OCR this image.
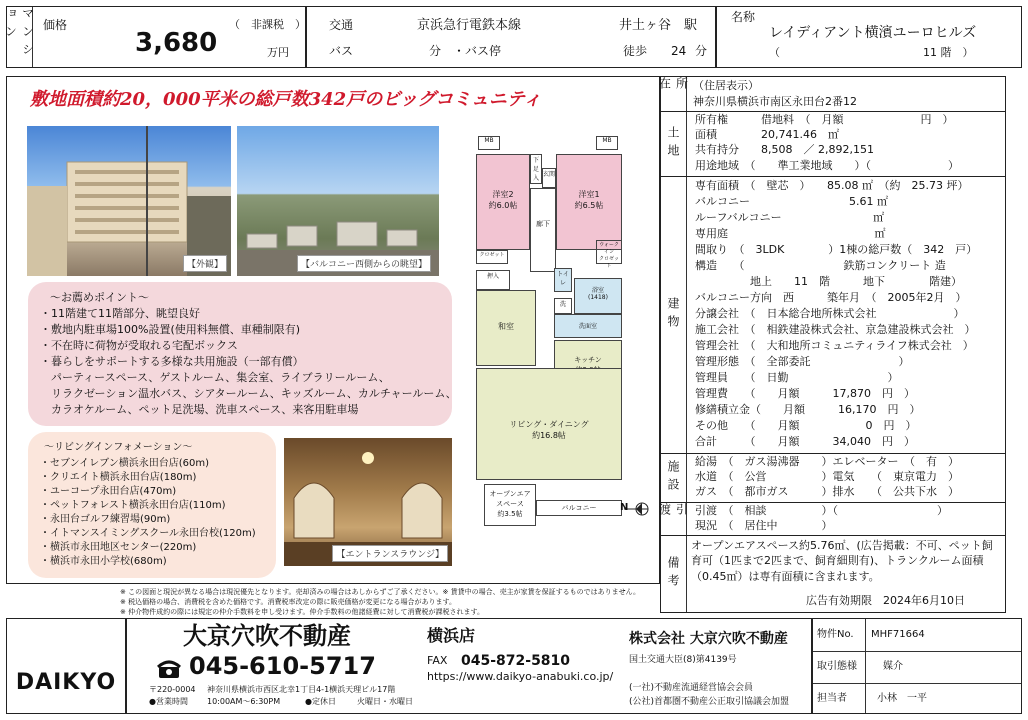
マンション	価格
3,680
（　非課税　）
万円
交通	京浜急行電鉄本線	井土ヶ谷　駅
バス	分　・バス停	徒歩 24 分
名称
レイディアント横濱ユーロヒルズ
（　　　　　　　　　　　　　11 階　）
敷地面積約20，000平米の総戸数342戸のビッグコミュニティ
【外観】	【バルコニー西側からの眺望】
〜お薦めポイント〜
・11階建て11階部分、眺望良好
・敷地内駐車場100%設置(使用料無償、車種制限有)
・不在時に荷物が受取れる宅配ボックス
・暮らしをサポートする多様な共用施設（一部有償）
　パーティースペース、ゲストルーム、集会室、ライブラリールーム、
　リラクゼーション温水バス、シアタールーム、キッズルーム、カルチャールーム、
　カラオケルーム、ペット足洗場、洗車スペース、来客用駐車場
〜リビングインフォメーション〜
・セブンイレブン横浜永田台店(60m)
・クリエイト横浜永田台店(180m)
・ユーコープ永田台店(470m)
・ペットフォレスト横浜永田台店(110m)
・永田台ゴルフ練習場(90m)
・イトマンスイミングスクール永田台校(120m)
・横浜市永田地区センター(220m)
・横浜市永田小学校(680m)
【エントランスラウンジ】
MB	MB
洋室2
約6.0帖
洋室1
約6.5帖
下足入
玄関
廊下
ウォークイン
クロゼット
クロゼット
押入
和室
トイレ
浴室
(1418)
洗
洗面室
キッチン

リビング・ダイニング
約16.8帖
オープンエア
スペース
約3.5帖
バルコニー	N
所在	（住居表示）
神奈川県横浜市南区永田台2番12
土地
所有権　　　借地料　（　月額　　　　　　　円　）
面積　　　　20,741.46　㎡
共有持分　　8,508　／ 2,892,151
用途地域　（　　準工業地域　　）（　　　　　　　）
建物
専有面積　（　壁芯　）　　85.08 ㎡　（約　25.73 坪）
バルコニー　　　　　　　　　5.61 ㎡
ルーフバルコニー　　　　　　　　 ㎡
専用庭　　　　　　　　　　　　　 ㎡
間取り　（　3LDK　　　　）1棟の総戸数（　342　戸）
構造　　（　　　　　　　　　鉄筋コンクリート 造
　　　　　地上　　11　階　　　地下　　　　階建）
バルコニー方向　西　　　築年月　（　2005年2月　）
分譲会社　（　日本総合地所株式会社　　　　　　　）
施工会社　（　相鉄建設株式会社、京急建設株式会社　）
管理会社　（　大和地所コミュニティライフ株式会社　）
管理形態　（　全部委託　　　　　　　　）
管理員　　（　日勤　　　　　　　　　）
管理費　　（　　月額　　　17,870　円　）
修繕積立金（　　月額　　　16,170　円　）
その他　　（　　月額　　　　　　0　円　）
合計　　　（　　月額　　　34,040　円　）
施設	給湯　（　ガス湯沸器　　）エレベーター　（　有　）
水道　（　公営　　　　　）電気　　（　東京電力　）
ガス　（　都市ガス　　　）排水　　（　公共下水　）
引渡	引渡　（　相談　　　　　）（　　　　　　　　　）
現況　（　居住中　　　　）
備考
オープンエアスペース約5.76㎡、(広告掲載：不可、ペット飼育可（1匹まで2匹まで、飼育細則有)、トランクルーム面積（0.45㎡）は専有面積に含まれます。
広告有効期限　2024年6月10日
※ この図面と現況が異なる場合は現況優先となります。売却済みの場合はあしからずご了承ください。※ 賃貸中の場合、売主が家賃を保証するものではありません。
※ 税込価格の場合、消費税を含めた価格です。消費税率改定の際に販売価格が変更になる場合があります。
※ 仲介物件成約の際には規定の仲介手数料を申し受けます。仲介手数料の他諸経費に対して消費税が課税されます。
DAIKYO
大京穴吹不動産	横浜店
045-610-5717	FAX 045-872-5810
https://www.daikyo-anabuki.co.jp/
株式会社 大京穴吹不動産
国土交通大臣(8)第4139号
(一社)不動産流通経営協会会員
(公社)首都圏不動産公正取引協議会加盟
〒220-0004 神奈川県横浜市西区北幸1丁目4-1横浜天理ビル17階
●営業時間 10:00AM〜6:30PM	●定休日	火曜日・水曜日
物件No. MHF71664
取引態様	媒介
担当者	小林　一平
